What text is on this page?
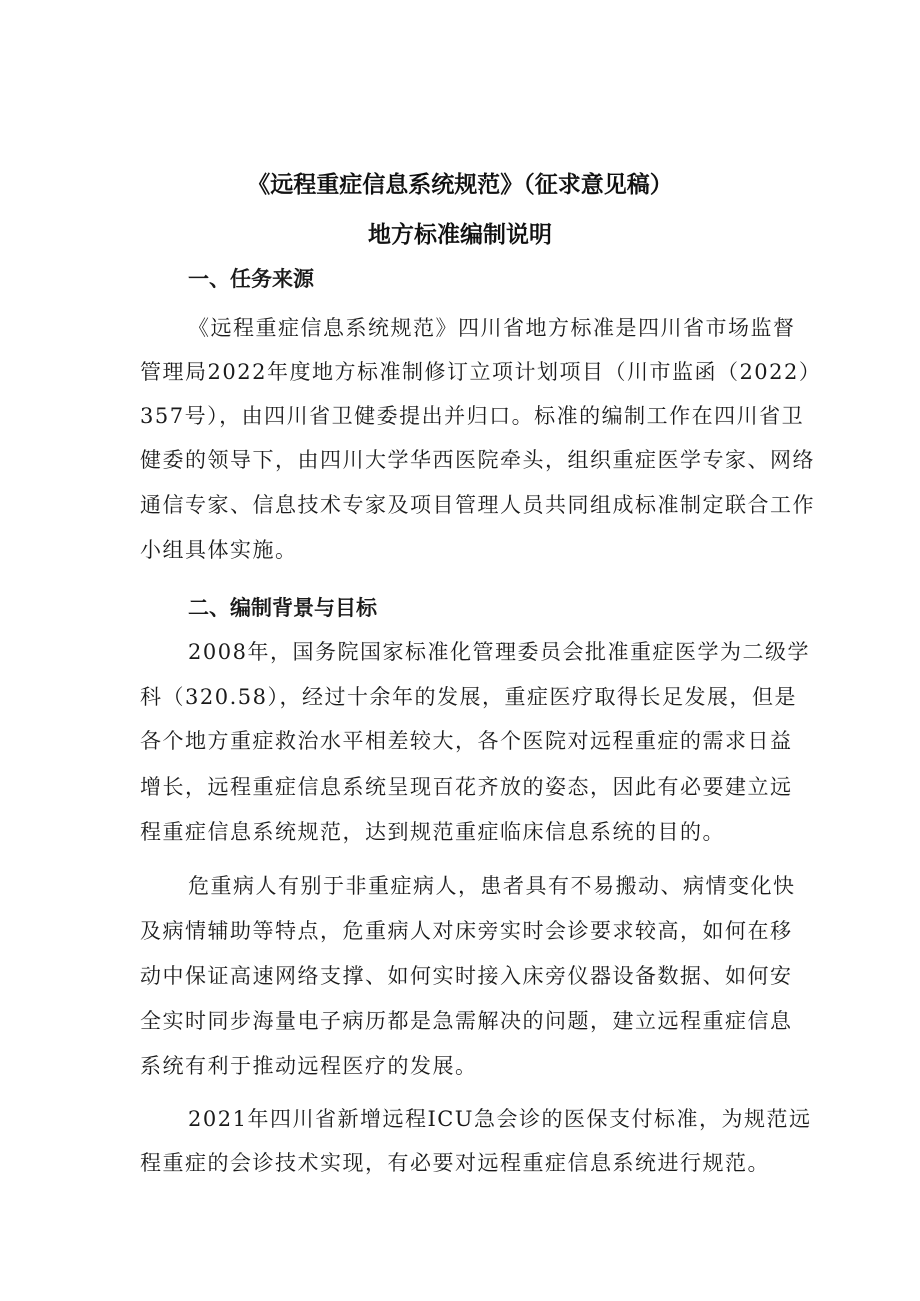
《远程重症信息系统规范》（征求意见稿）
地方标准编制说明
一、任务来源

《远程重症信息系统规范》四川省地方标准是四川省市场监督

管理局2022年度地方标准制修订立项计划项目（川市监函（2022）

357号），由四川省卫健委提出并归口。标准的编制工作在四川省卫

健委的领导下，由四川大学华西医院牵头，组织重症医学专家、网络

通信专家、信息技术专家及项目管理人员共同组成标准制定联合工作

小组具体实施。

二、编制背景与目标

2008年，国务院国家标准化管理委员会批准重症医学为二级学

科（320.58），经过十余年的发展，重症医疗取得长足发展，但是

各个地方重症救治水平相差较大，各个医院对远程重症的需求日益

增长，远程重症信息系统呈现百花齐放的姿态，因此有必要建立远

程重症信息系统规范，达到规范重症临床信息系统的目的。

危重病人有别于非重症病人，患者具有不易搬动、病情变化快

及病情辅助等特点，危重病人对床旁实时会诊要求较高，如何在移

动中保证高速网络支撑、如何实时接入床旁仪器设备数据、如何安

全实时同步海量电子病历都是急需解决的问题，建立远程重症信息

系统有利于推动远程医疗的发展。

2021年四川省新增远程ICU急会诊的医保支付标准，为规范远

程重症的会诊技术实现，有必要对远程重症信息系统进行规范。
